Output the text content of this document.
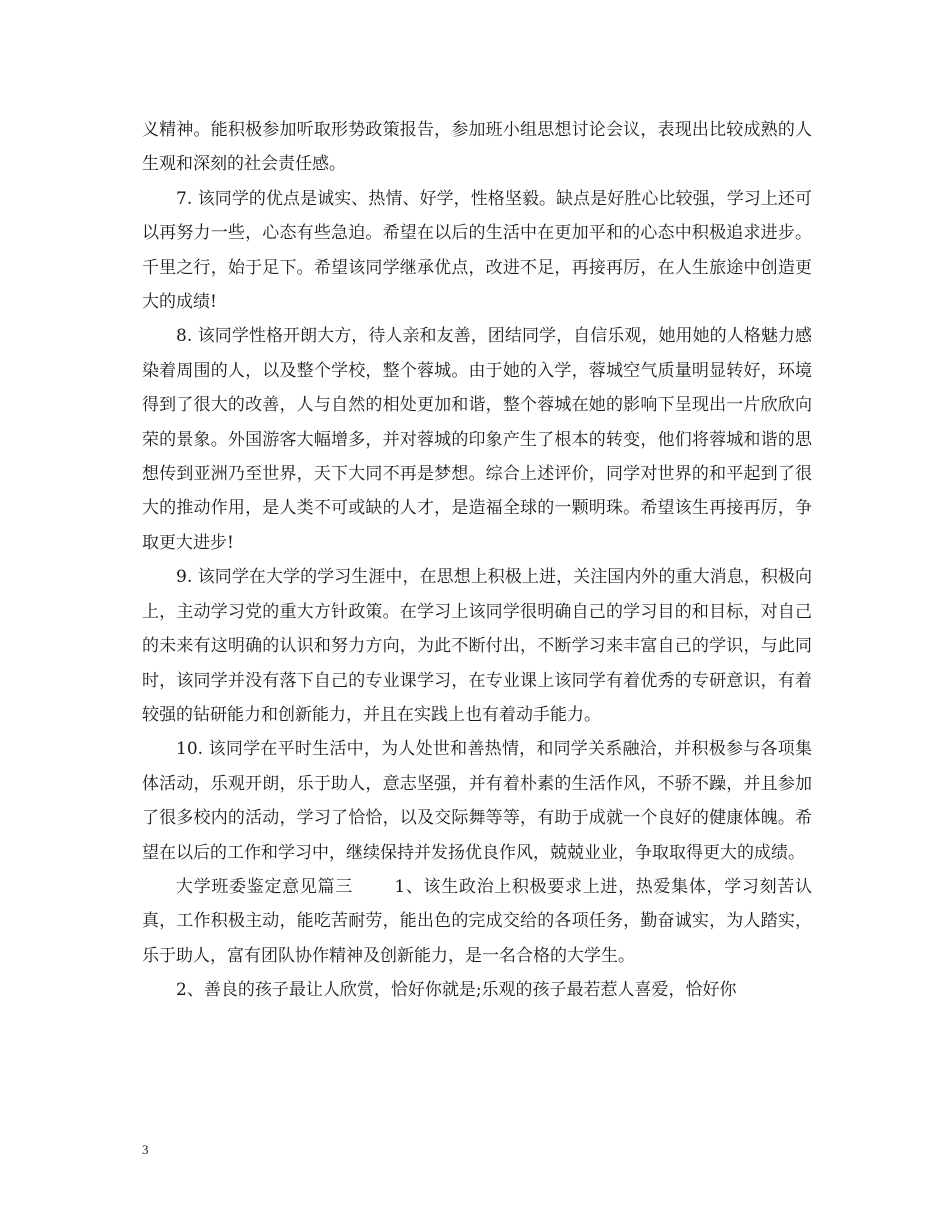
义精神。能积极参加听取形势政策报告，参加班小组思想讨论会议，表现出比较成熟的人生观和深刻的社会责任感。

7. 该同学的优点是诚实、热情、好学，性格坚毅。缺点是好胜心比较强，学习上还可以再努力一些，心态有些急迫。希望在以后的生活中在更加平和的心态中积极追求进步。千里之行，始于足下。希望该同学继承优点，改进不足，再接再厉，在人生旅途中创造更大的成绩!

8. 该同学性格开朗大方，待人亲和友善，团结同学，自信乐观，她用她的人格魅力感染着周围的人，以及整个学校，整个蓉城。由于她的入学，蓉城空气质量明显转好，环境得到了很大的改善，人与自然的相处更加和谐，整个蓉城在她的影响下呈现出一片欣欣向荣的景象。外国游客大幅增多，并对蓉城的印象产生了根本的转变，他们将蓉城和谐的思想传到亚洲乃至世界，天下大同不再是梦想。综合上述评价，同学对世界的和平起到了很大的推动作用，是人类不可或缺的人才，是造福全球的一颗明珠。希望该生再接再厉，争取更大进步!

9. 该同学在大学的学习生涯中，在思想上积极上进，关注国内外的重大消息，积极向上，主动学习党的重大方针政策。在学习上该同学很明确自己的学习目的和目标，对自己的未来有这明确的认识和努力方向，为此不断付出，不断学习来丰富自己的学识，与此同时，该同学并没有落下自己的专业课学习，在专业课上该同学有着优秀的专研意识，有着较强的钻研能力和创新能力，并且在实践上也有着动手能力。

10. 该同学在平时生活中，为人处世和善热情，和同学关系融洽，并积极参与各项集体活动，乐观开朗，乐于助人，意志坚强，并有着朴素的生活作风，不骄不躁，并且参加了很多校内的活动，学习了恰恰，以及交际舞等等，有助于成就一个良好的健康体魄。希望在以后的工作和学习中，继续保持并发扬优良作风，兢兢业业，争取取得更大的成绩。

大学班委鉴定意见篇三　　 1、该生政治上积极要求上进，热爱集体，学习刻苦认真，工作积极主动，能吃苦耐劳，能出色的完成交给的各项任务，勤奋诚实，为人踏实，乐于助人，富有团队协作精神及创新能力，是一名合格的大学生。

2、善良的孩子最让人欣赏，恰好你就是;乐观的孩子最若惹人喜爱，恰好你

3
